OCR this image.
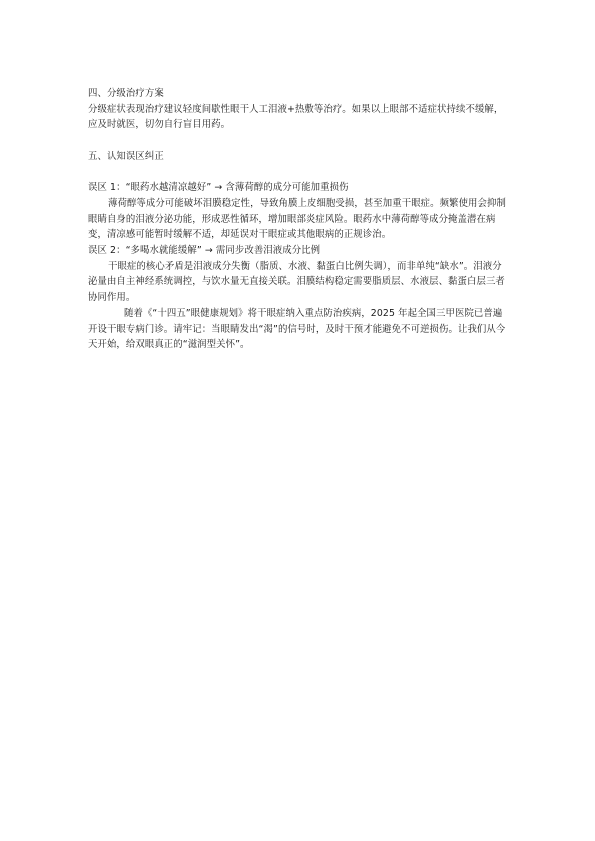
四、分级治疗方案

分级症状表现治疗建议轻度间歇性眼干人工泪液+热敷等治疗。如果以上眼部不适症状持续不缓解，应及时就医，切勿自行盲目用药。

五、认知误区纠正

误区 1：“眼药水越清凉越好” → 含薄荷醇的成分可能加重损伤

薄荷醇等成分可能破坏泪膜稳定性，导致角膜上皮细胞受损，甚至加重干眼症。频繁使用会抑制眼睛自身的泪液分泌功能，形成恶性循环，增加眼部炎症风险。眼药水中薄荷醇等成分掩盖潜在病变，清凉感可能暂时缓解不适，却延误对干眼症或其他眼病的正规诊治。

误区 2：“多喝水就能缓解” → 需同步改善泪液成分比例

干眼症的核心矛盾是泪液成分失衡（脂质、水液、黏蛋白比例失调），而非单纯“缺水”。泪液分泌量由自主神经系统调控，与饮水量无直接关联。泪膜结构稳定需要脂质层、水液层、黏蛋白层三者协同作用。

随着《“十四五”眼健康规划》将干眼症纳入重点防治疾病，2025 年起全国三甲医院已普遍开设干眼专病门诊。请牢记：当眼睛发出“渴”的信号时，及时干预才能避免不可逆损伤。让我们从今天开始，给双眼真正的“滋润型关怀”。
